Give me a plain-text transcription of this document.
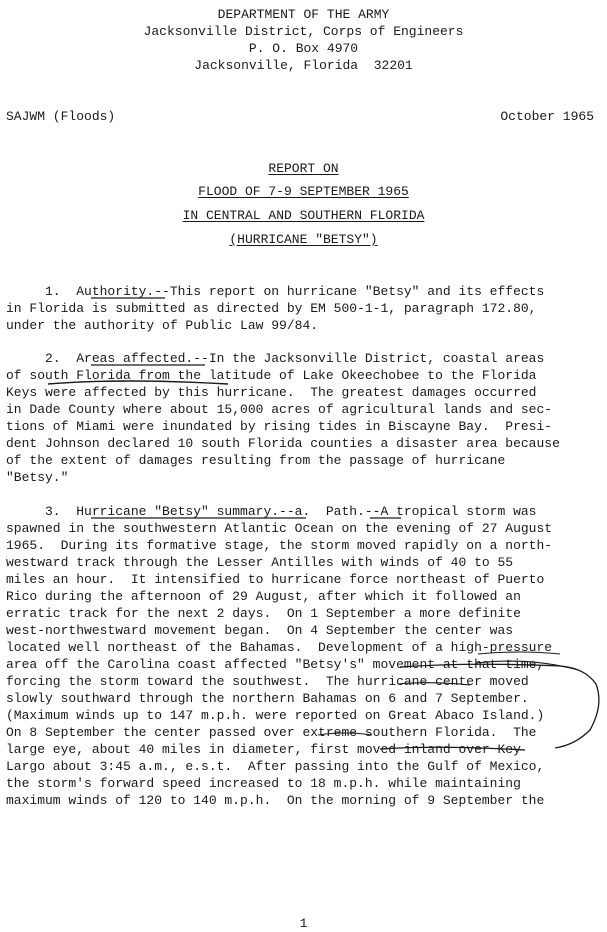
DEPARTMENT OF THE ARMY
Jacksonville District, Corps of Engineers
P. O. Box 4970
Jacksonville, Florida  32201
SAJWM (Floods)	October 1965
REPORT ON
FLOOD OF 7-9 SEPTEMBER 1965
IN CENTRAL AND SOUTHERN FLORIDA
(HURRICANE "BETSY")
1.  Authority.--This report on hurricane "Betsy" and its effects
in Florida is submitted as directed by EM 500-1-1, paragraph 172.80,
under the authority of Public Law 99/84.
2.  Areas affected.--In the Jacksonville District, coastal areas
of south Florida from the latitude of Lake Okeechobee to the Florida
Keys were affected by this hurricane.  The greatest damages occurred
in Dade County where about 15,000 acres of agricultural lands and sec-
tions of Miami were inundated by rising tides in Biscayne Bay.  Presi-
dent Johnson declared 10 south Florida counties a disaster area because
of the extent of damages resulting from the passage of hurricane
"Betsy."
3.  Hurricane "Betsy" summary.--a.  Path.--A tropical storm was
spawned in the southwestern Atlantic Ocean on the evening of 27 August
1965.  During its formative stage, the storm moved rapidly on a north-
westward track through the Lesser Antilles with winds of 40 to 55
miles an hour.  It intensified to hurricane force northeast of Puerto
Rico during the afternoon of 29 August, after which it followed an
erratic track for the next 2 days.  On 1 September a more definite
west-northwestward movement began.  On 4 September the center was
located well northeast of the Bahamas.  Development of a high-pressure
area off the Carolina coast affected "Betsy's" movement at that time,
forcing the storm toward the southwest.  The hurricane center moved
slowly southward through the northern Bahamas on 6 and 7 September.
(Maximum winds up to 147 m.p.h. were reported on Great Abaco Island.)
On 8 September the center passed over extreme southern Florida.  The
large eye, about 40 miles in diameter, first moved inland over Key
Largo about 3:45 a.m., e.s.t.  After passing into the Gulf of Mexico,
the storm's forward speed increased to 18 m.p.h. while maintaining
maximum winds of 120 to 140 m.p.h.  On the morning of 9 September the
1
